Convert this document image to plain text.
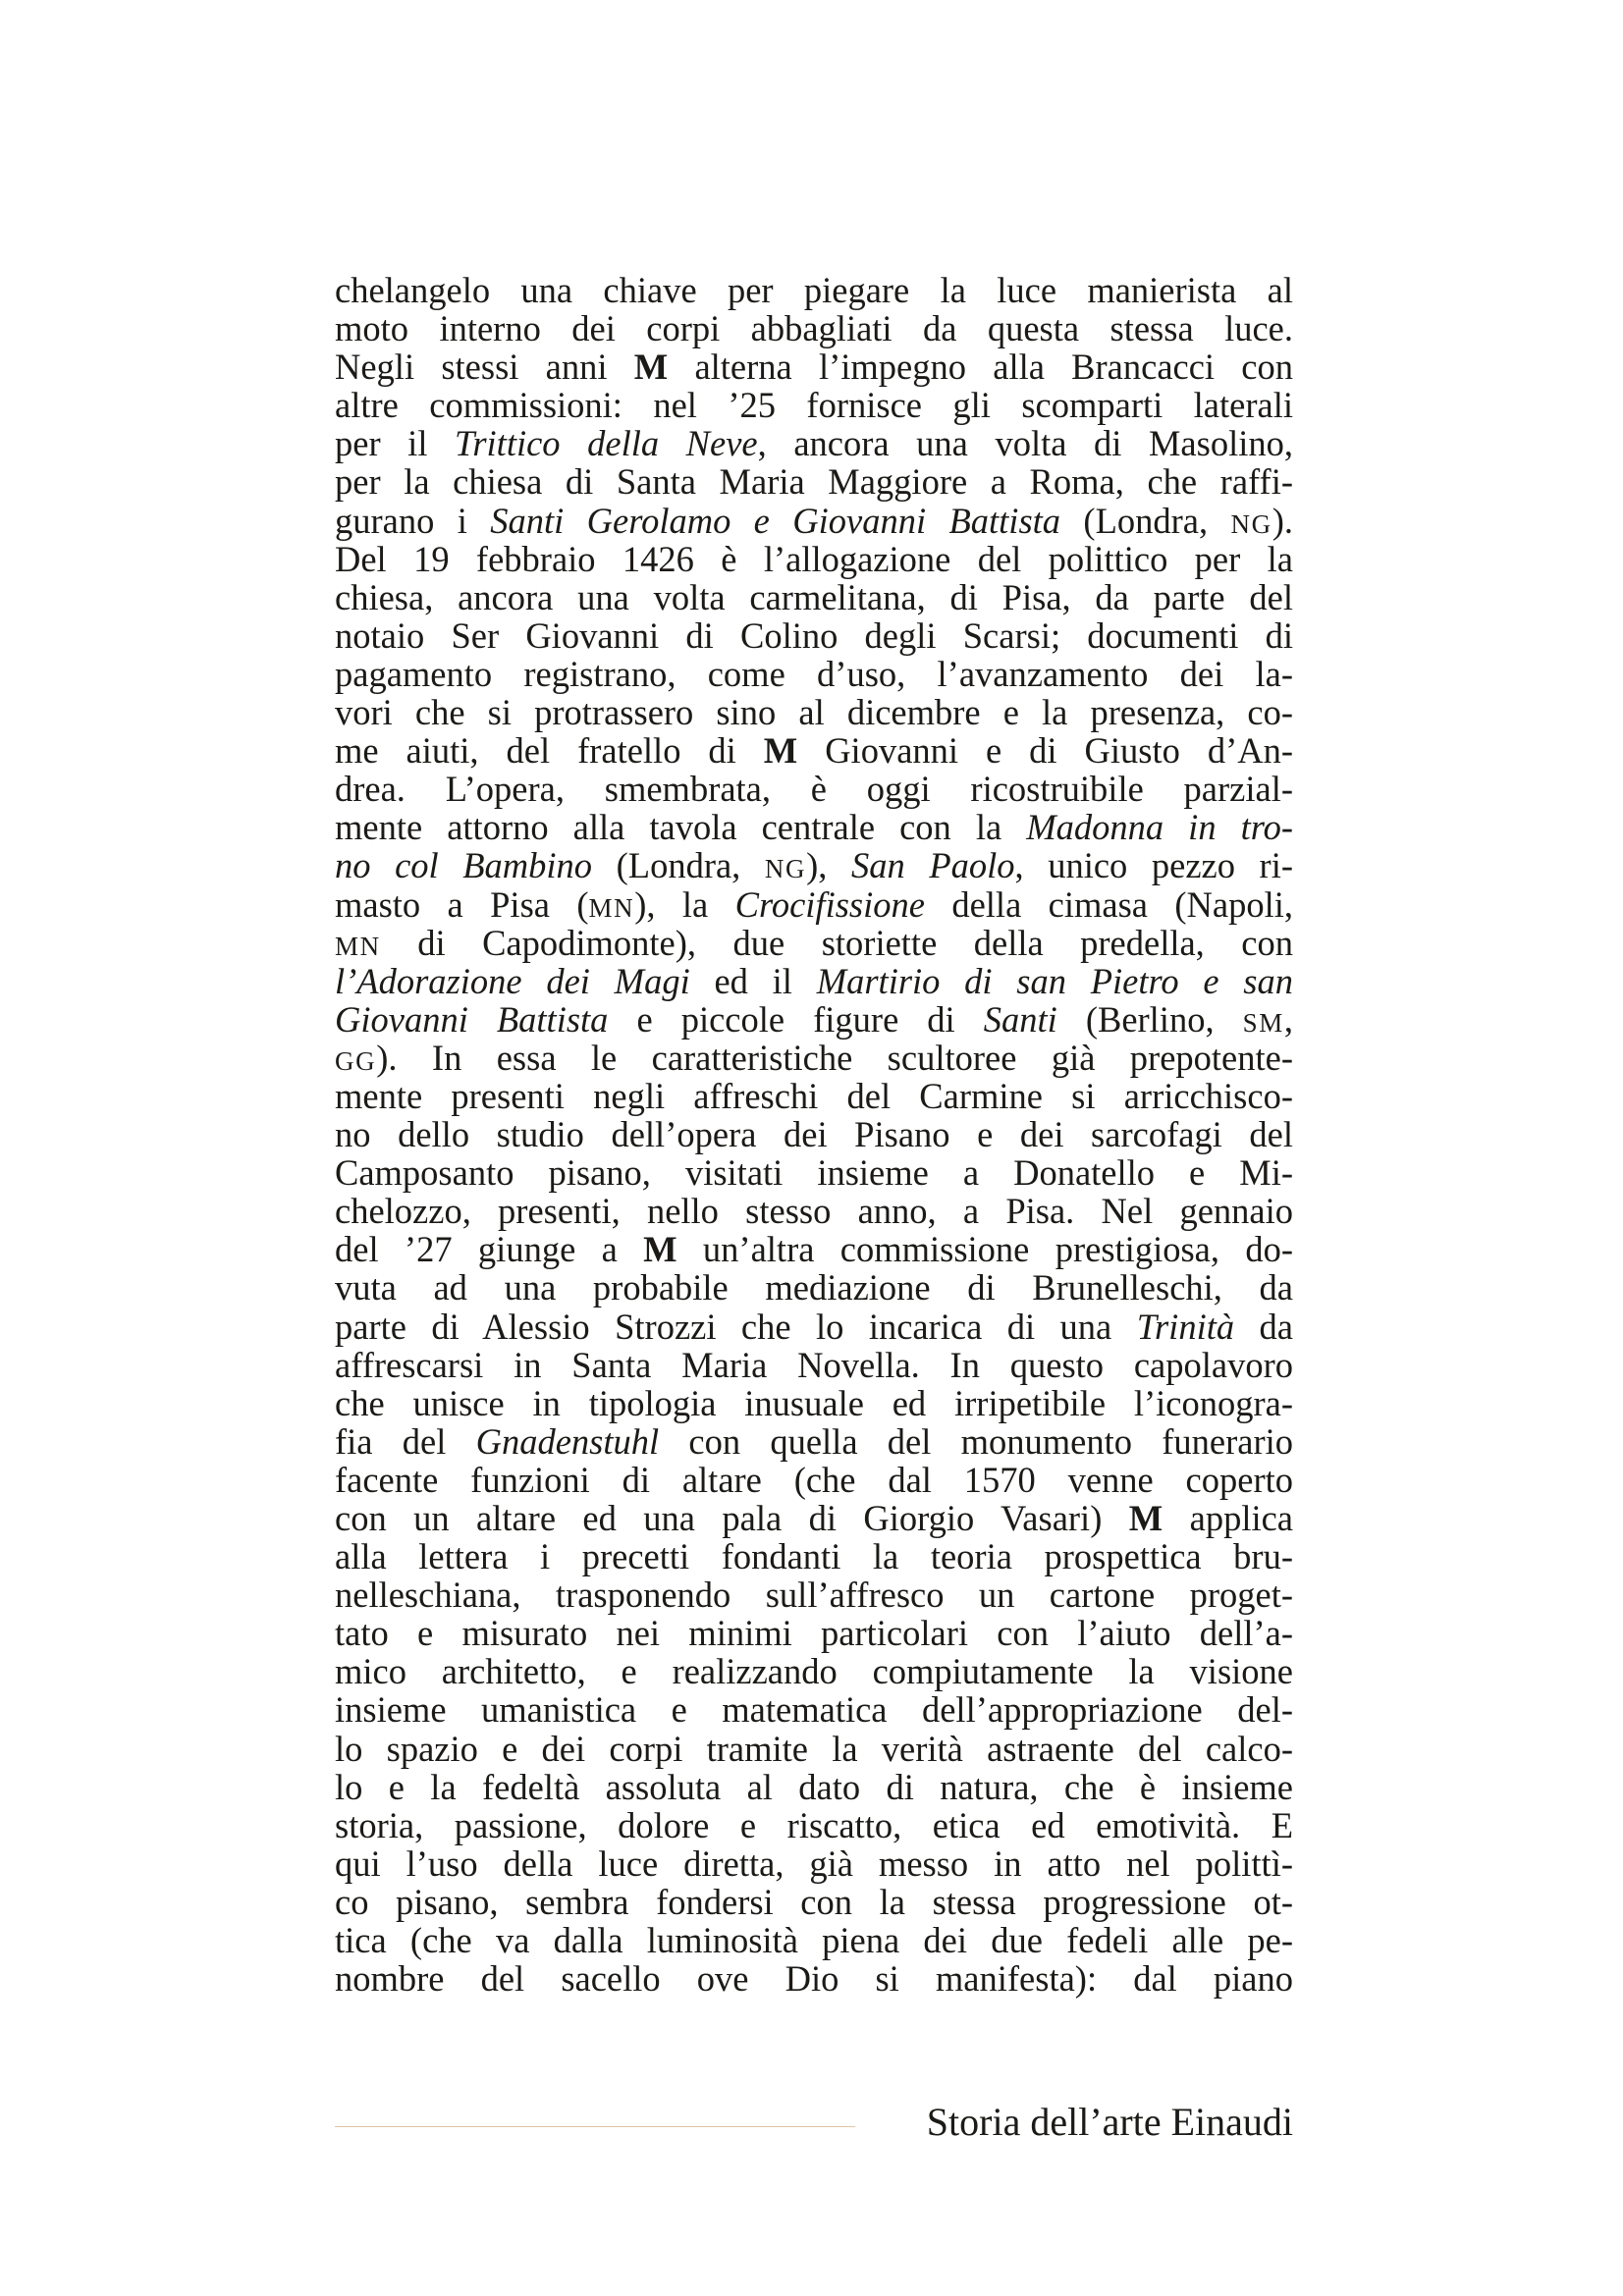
chelangelo una chiave per piegare la luce manierista al
moto interno dei corpi abbagliati da questa stessa luce.
Negli stessi anni M alterna l’impegno alla Brancacci con
altre commissioni: nel ’25 fornisce gli scomparti laterali
per il Trittico della Neve, ancora una volta di Masolino,
per la chiesa di Santa Maria Maggiore a Roma, che raffi-
gurano i Santi Gerolamo e Giovanni Battista (Londra, NG).
Del 19 febbraio 1426 è l’allogazione del polittico per la
chiesa, ancora una volta carmelitana, di Pisa, da parte del
notaio Ser Giovanni di Colino degli Scarsi; documenti di
pagamento registrano, come d’uso, l’avanzamento dei la-
vori che si protrassero sino al dicembre e la presenza, co-
me aiuti, del fratello di M Giovanni e di Giusto d’An-
drea. L’opera, smembrata, è oggi ricostruibile parzial-
mente attorno alla tavola centrale con la Madonna in tro-
no col Bambino (Londra, NG), San Paolo, unico pezzo ri-
masto a Pisa (MN), la Crocifissione della cimasa (Napoli,
MN di Capodimonte), due storiette della predella, con
l’Adorazione dei Magi ed il Martirio di san Pietro e san
Giovanni Battista e piccole figure di Santi (Berlino, SM,
GG). In essa le caratteristiche scultoree già prepotente-
mente presenti negli affreschi del Carmine si arricchisco-
no dello studio dell’opera dei Pisano e dei sarcofagi del
Camposanto pisano, visitati insieme a Donatello e Mi-
chelozzo, presenti, nello stesso anno, a Pisa. Nel gennaio
del ’27 giunge a M un’altra commissione prestigiosa, do-
vuta ad una probabile mediazione di Brunelleschi, da
parte di Alessio Strozzi che lo incarica di una Trinità da
affrescarsi in Santa Maria Novella. In questo capolavoro
che unisce in tipologia inusuale ed irripetibile l’iconogra-
fia del Gnadenstuhl con quella del monumento funerario
facente funzioni di altare (che dal 1570 venne coperto
con un altare ed una pala di Giorgio Vasari) M applica
alla lettera i precetti fondanti la teoria prospettica bru-
nelleschiana, trasponendo sull’affresco un cartone proget-
tato e misurato nei minimi particolari con l’aiuto dell’a-
mico architetto, e realizzando compiutamente la visione
insieme umanistica e matematica dell’appropriazione del-
lo spazio e dei corpi tramite la verità astraente del calco-
lo e la fedeltà assoluta al dato di natura, che è insieme
storia, passione, dolore e riscatto, etica ed emotività. E
qui l’uso della luce diretta, già messo in atto nel polittì-
co pisano, sembra fondersi con la stessa progressione ot-
tica (che va dalla luminosità piena dei due fedeli alle pe-
nombre del sacello ove Dio si manifesta): dal piano
Storia dell’arte Einaudi
